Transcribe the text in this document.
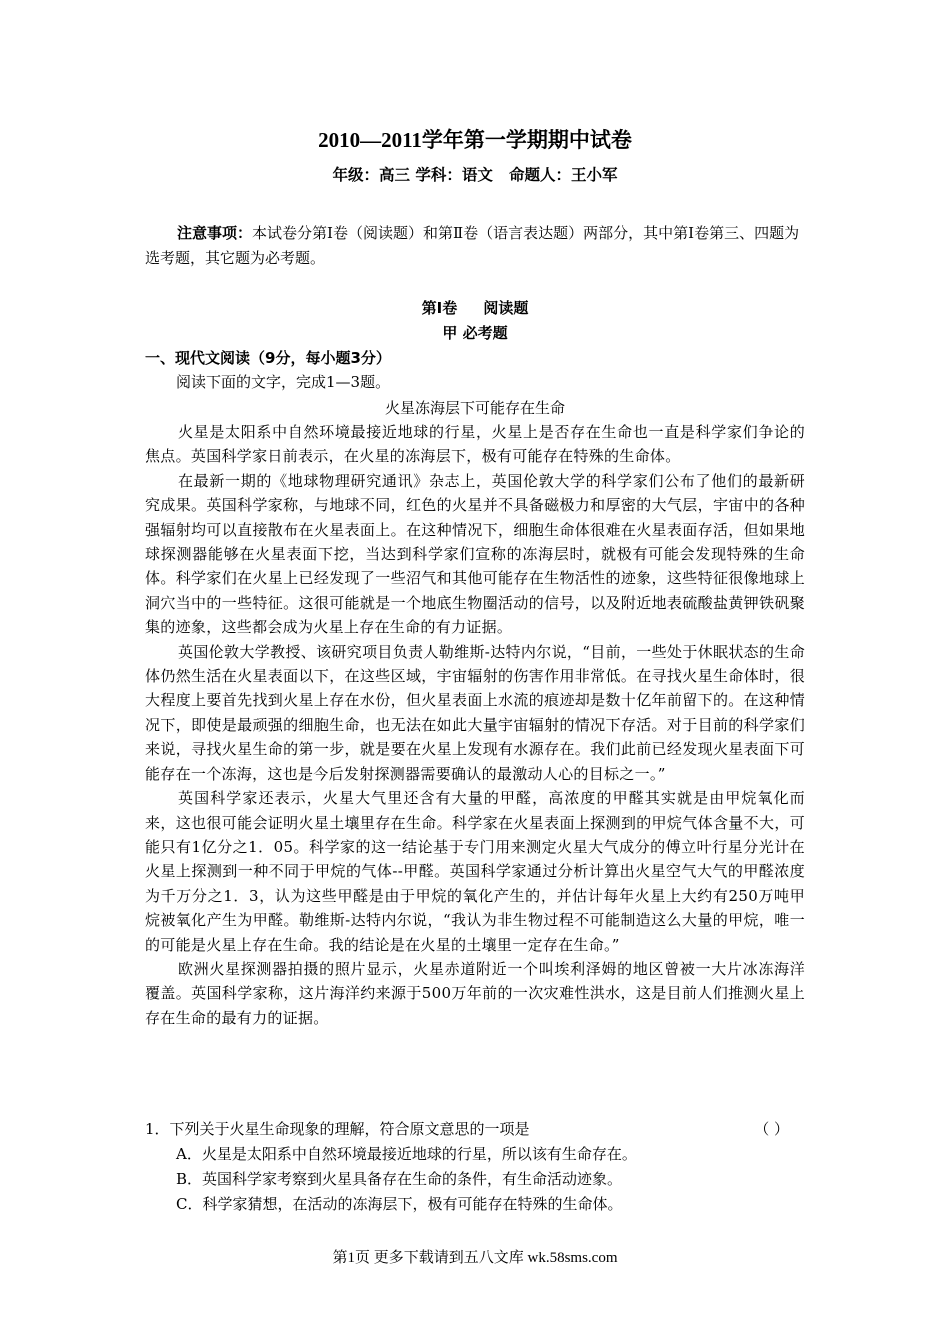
2010—2011学年第一学期期中试卷
年级：高三 学科：语文   命题人：王小军

注意事项：本试卷分第Ⅰ卷（阅读题）和第Ⅱ卷（语言表达题）两部分，其中第Ⅰ卷第三、四题为选考题，其它题为必考题。

第Ⅰ卷     阅读题
甲 必考题
一、现代文阅读（9分，每小题3分）
阅读下面的文字，完成1—3题。
火星冻海层下可能存在生命

火星是太阳系中自然环境最接近地球的行星，火星上是否存在生命也一直是科学家们争论的焦点。英国科学家日前表示，在火星的冻海层下，极有可能存在特殊的生命体。

在最新一期的《地球物理研究通讯》杂志上，英国伦敦大学的科学家们公布了他们的最新研究成果。英国科学家称，与地球不同，红色的火星并不具备磁极力和厚密的大气层，宇宙中的各种强辐射均可以直接散布在火星表面上。在这种情况下，细胞生命体很难在火星表面存活，但如果地球探测器能够在火星表面下挖，当达到科学家们宣称的冻海层时，就极有可能会发现特殊的生命体。科学家们在火星上已经发现了一些沼气和其他可能存在生物活性的迹象，这些特征很像地球上洞穴当中的一些特征。这很可能就是一个地底生物圈活动的信号，以及附近地表硫酸盐黄钾铁矾聚集的迹象，这些都会成为火星上存在生命的有力证据。

英国伦敦大学教授、该研究项目负责人勒维斯-达特内尔说，“目前，一些处于休眠状态的生命体仍然生活在火星表面以下，在这些区域，宇宙辐射的伤害作用非常低。在寻找火星生命体时，很大程度上要首先找到火星上存在水份，但火星表面上水流的痕迹却是数十亿年前留下的。在这种情况下，即使是最顽强的细胞生命，也无法在如此大量宇宙辐射的情况下存活。对于目前的科学家们来说，寻找火星生命的第一步，就是要在火星上发现有水源存在。我们此前已经发现火星表面下可能存在一个冻海，这也是今后发射探测器需要确认的最激动人心的目标之一。”

英国科学家还表示，火星大气里还含有大量的甲醛，高浓度的甲醛其实就是由甲烷氧化而来，这也很可能会证明火星土壤里存在生命。科学家在火星表面上探测到的甲烷气体含量不大，可能只有1亿分之1．05。科学家的这一结论基于专门用来测定火星大气成分的傅立叶行星分光计在火星上探测到一种不同于甲烷的气体--甲醛。英国科学家通过分析计算出火星空气大气的甲醛浓度为千万分之1．3，认为这些甲醛是由于甲烷的氧化产生的，并估计每年火星上大约有250万吨甲烷被氧化产生为甲醛。勒维斯-达特内尔说，“我认为非生物过程不可能制造这么大量的甲烷，唯一的可能是火星上存在生命。我的结论是在火星的土壤里一定存在生命。”

欧洲火星探测器拍摄的照片显示，火星赤道附近一个叫埃利泽姆的地区曾被一大片冰冻海洋覆盖。英国科学家称，这片海洋约来源于500万年前的一次灾难性洪水，这是目前人们推测火星上存在生命的最有力的证据。

1．下列关于火星生命现象的理解，符合原文意思的一项是	（ ）
A．火星是太阳系中自然环境最接近地球的行星，所以该有生命存在。
B．英国科学家考察到火星具备存在生命的条件，有生命活动迹象。
C．科学家猜想，在活动的冻海层下，极有可能存在特殊的生命体。
第1页 更多下载请到五八文库 wk.58sms.com
